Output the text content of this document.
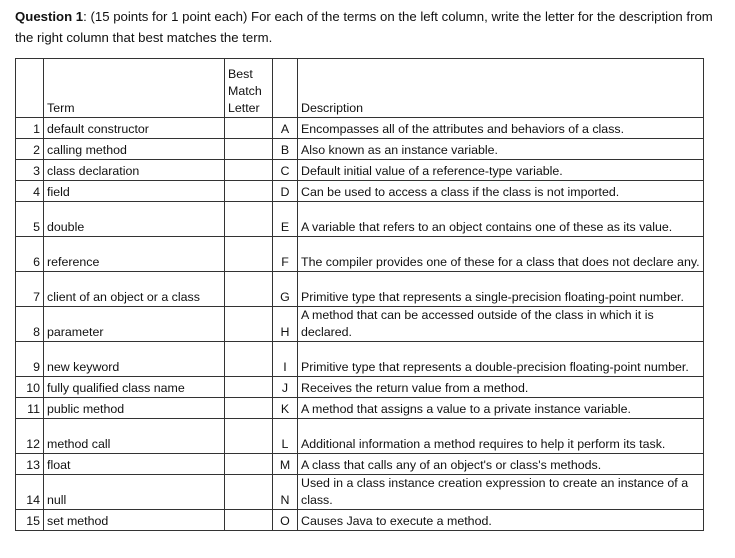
Question 1: (15 points for 1 point each) For each of the terms on the left column, write the letter for the description from the right column that best matches the term.
	Term	Best Match Letter		Description
1	default constructor		A	Encompasses all of the attributes and behaviors of a class.
2	calling method		B	Also known as an instance variable.
3	class declaration		C	Default initial value of a reference-type variable.
4	field		D	Can be used to access a class if the class is not imported.
5	double		E	A variable that refers to an object contains one of these as its value.
6	reference		F	The compiler provides one of these for a class that does not declare any.
7	client of an object or a class		G	Primitive type that represents a single-precision floating-point number.
8	parameter		H	A method that can be accessed outside of the class in which it is declared.
9	new keyword		I	Primitive type that represents a double-precision floating-point number.
10	fully qualified class name		J	Receives the return value from a method.
11	public method		K	A method that assigns a value to a private instance variable.
12	method call		L	Additional information a method requires to help it perform its task.
13	float		M	A class that calls any of an object's or class's methods.
14	null		N	Used in a class instance creation expression to create an instance of a class.
15	set method		O	Causes Java to execute a method.
